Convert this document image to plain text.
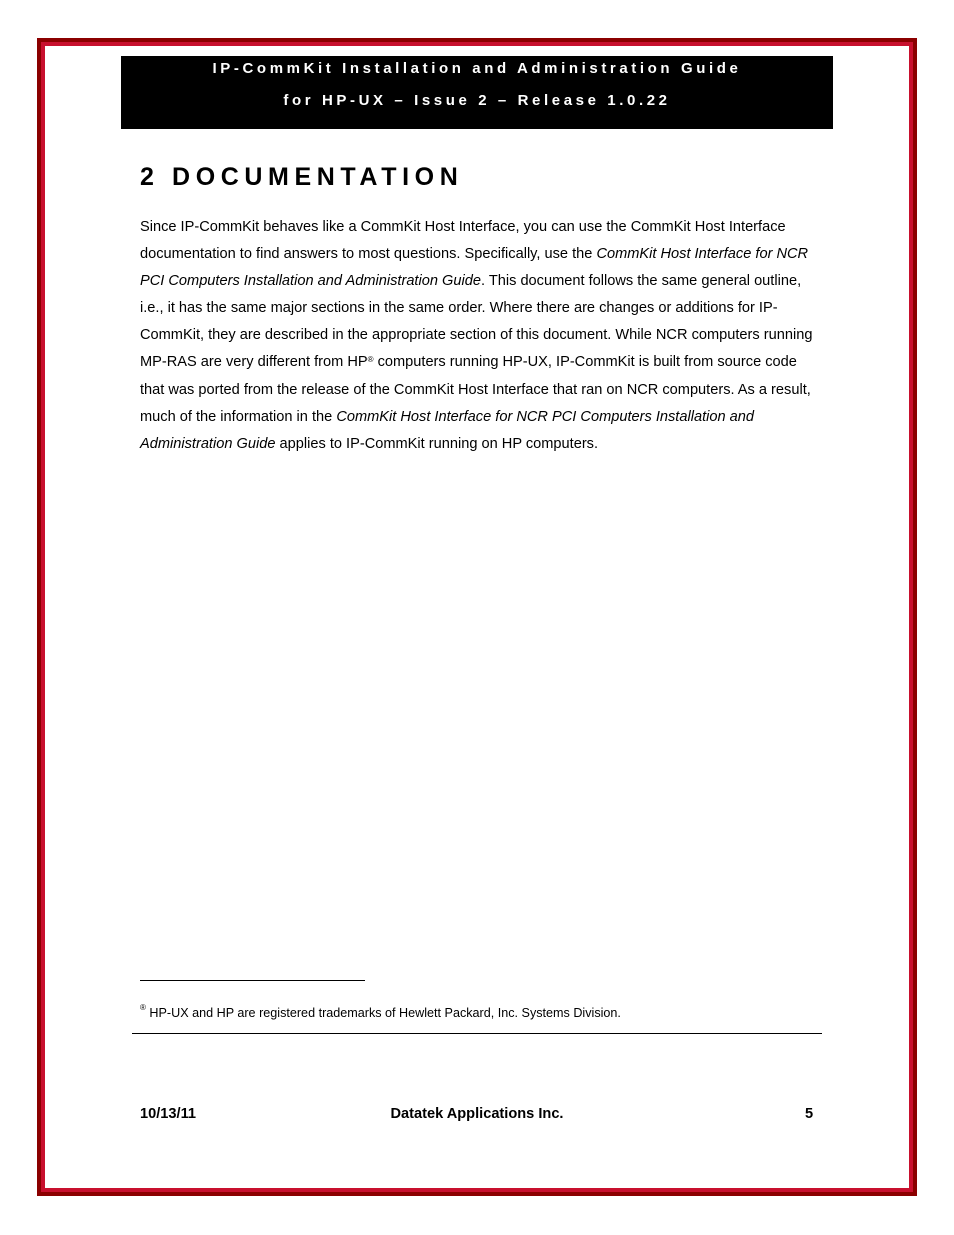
IP-CommKit Installation and Administration Guide
for HP-UX – Issue 2 – Release 1.0.22
2 DOCUMENTATION
Since IP-CommKit behaves like a CommKit Host Interface, you can use the CommKit Host Interface documentation to find answers to most questions. Specifically, use the CommKit Host Interface for NCR PCI Computers Installation and Administration Guide. This document follows the same general outline, i.e., it has the same major sections in the same order. Where there are changes or additions for IP-CommKit, they are described in the appropriate section of this document. While NCR computers running MP-RAS are very different from HP® computers running HP-UX, IP-CommKit is built from source code that was ported from the release of the CommKit Host Interface that ran on NCR computers. As a result, much of the information in the CommKit Host Interface for NCR PCI Computers Installation and Administration Guide applies to IP-CommKit running on HP computers.
® HP-UX and HP are registered trademarks of Hewlett Packard, Inc. Systems Division.
10/13/11	Datatek Applications Inc.	5
